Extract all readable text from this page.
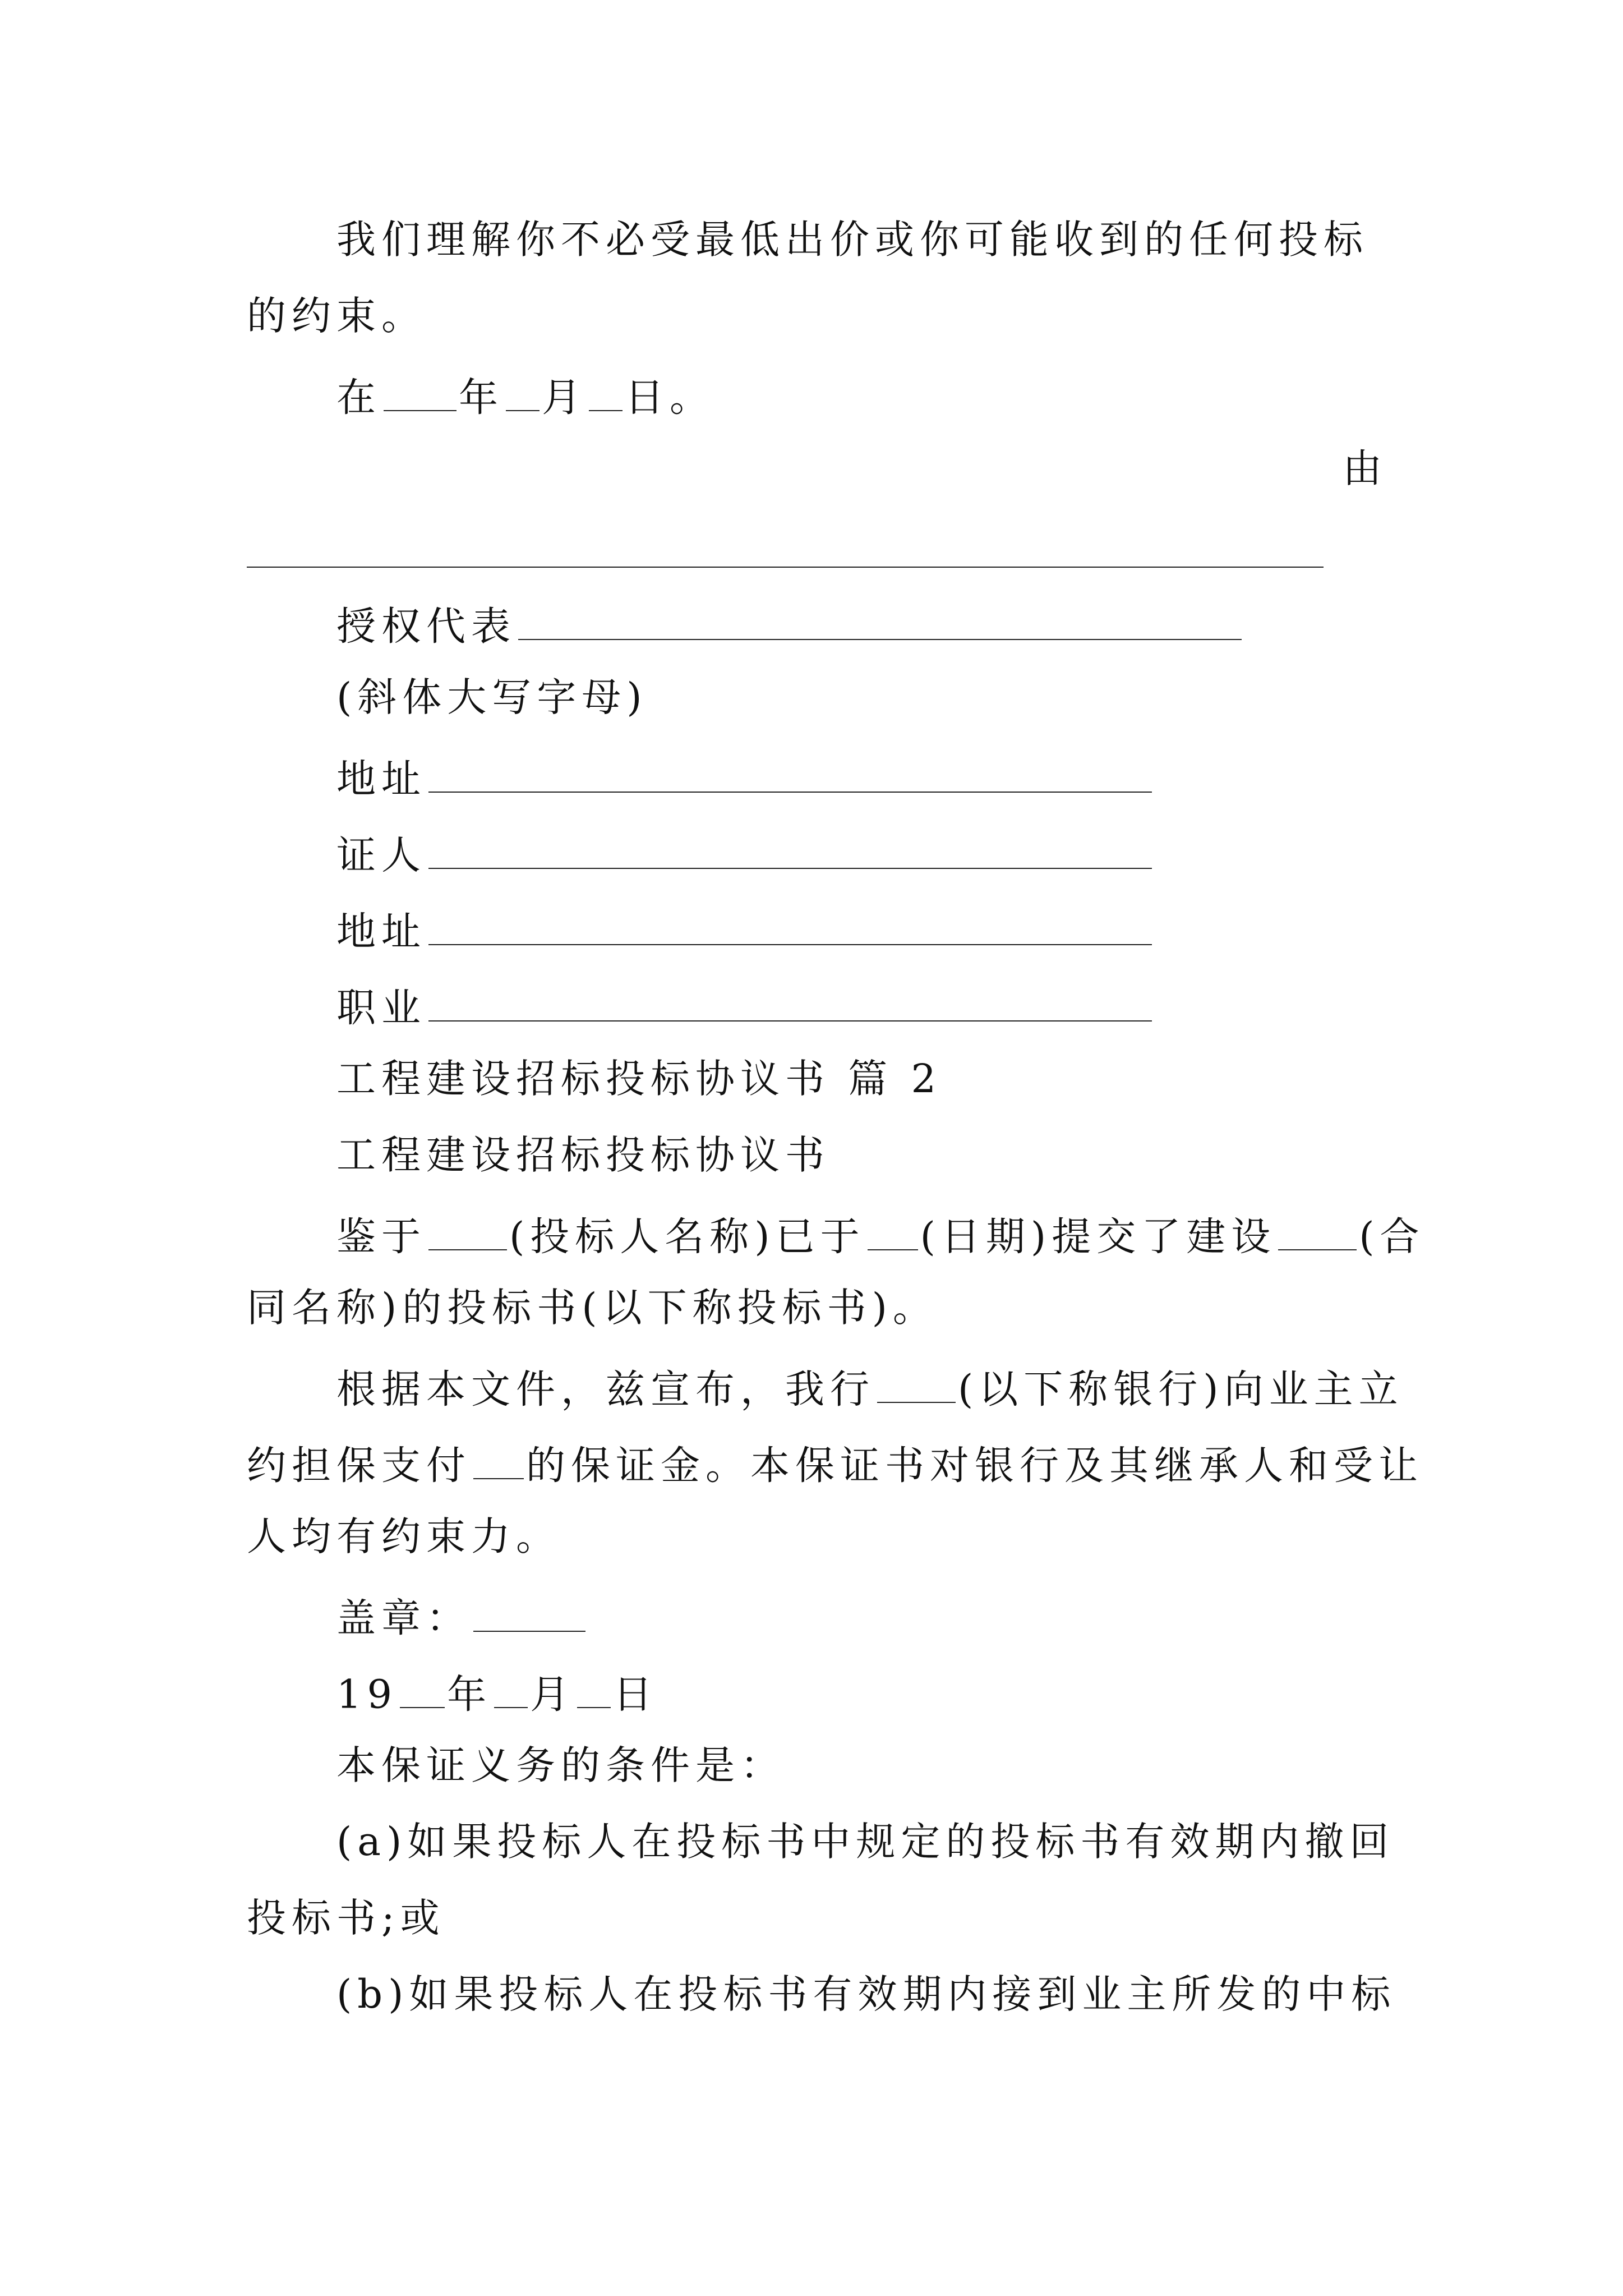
我们理解你不必受最低出价或你可能收到的任何投标
的约束。
在 年 月 日。
由
授权代表
(斜体大写字母)
地址
证人
地址
职业
工程建设招标投标协议书 篇 2
工程建设招标投标协议书
鉴于 (投标人名称)已于 (日期)提交了建设 (合
同名称)的投标书(以下称投标书)。
根据本文件，兹宣布，我行 (以下称银行)向业主立
约担保支付 的保证金。本保证书对银行及其继承人和受让
人均有约束力。
盖章：
19 年 月 日
本保证义务的条件是：
(a)如果投标人在投标书中规定的投标书有效期内撤回
投标书;或
(b)如果投标人在投标书有效期内接到业主所发的中标
